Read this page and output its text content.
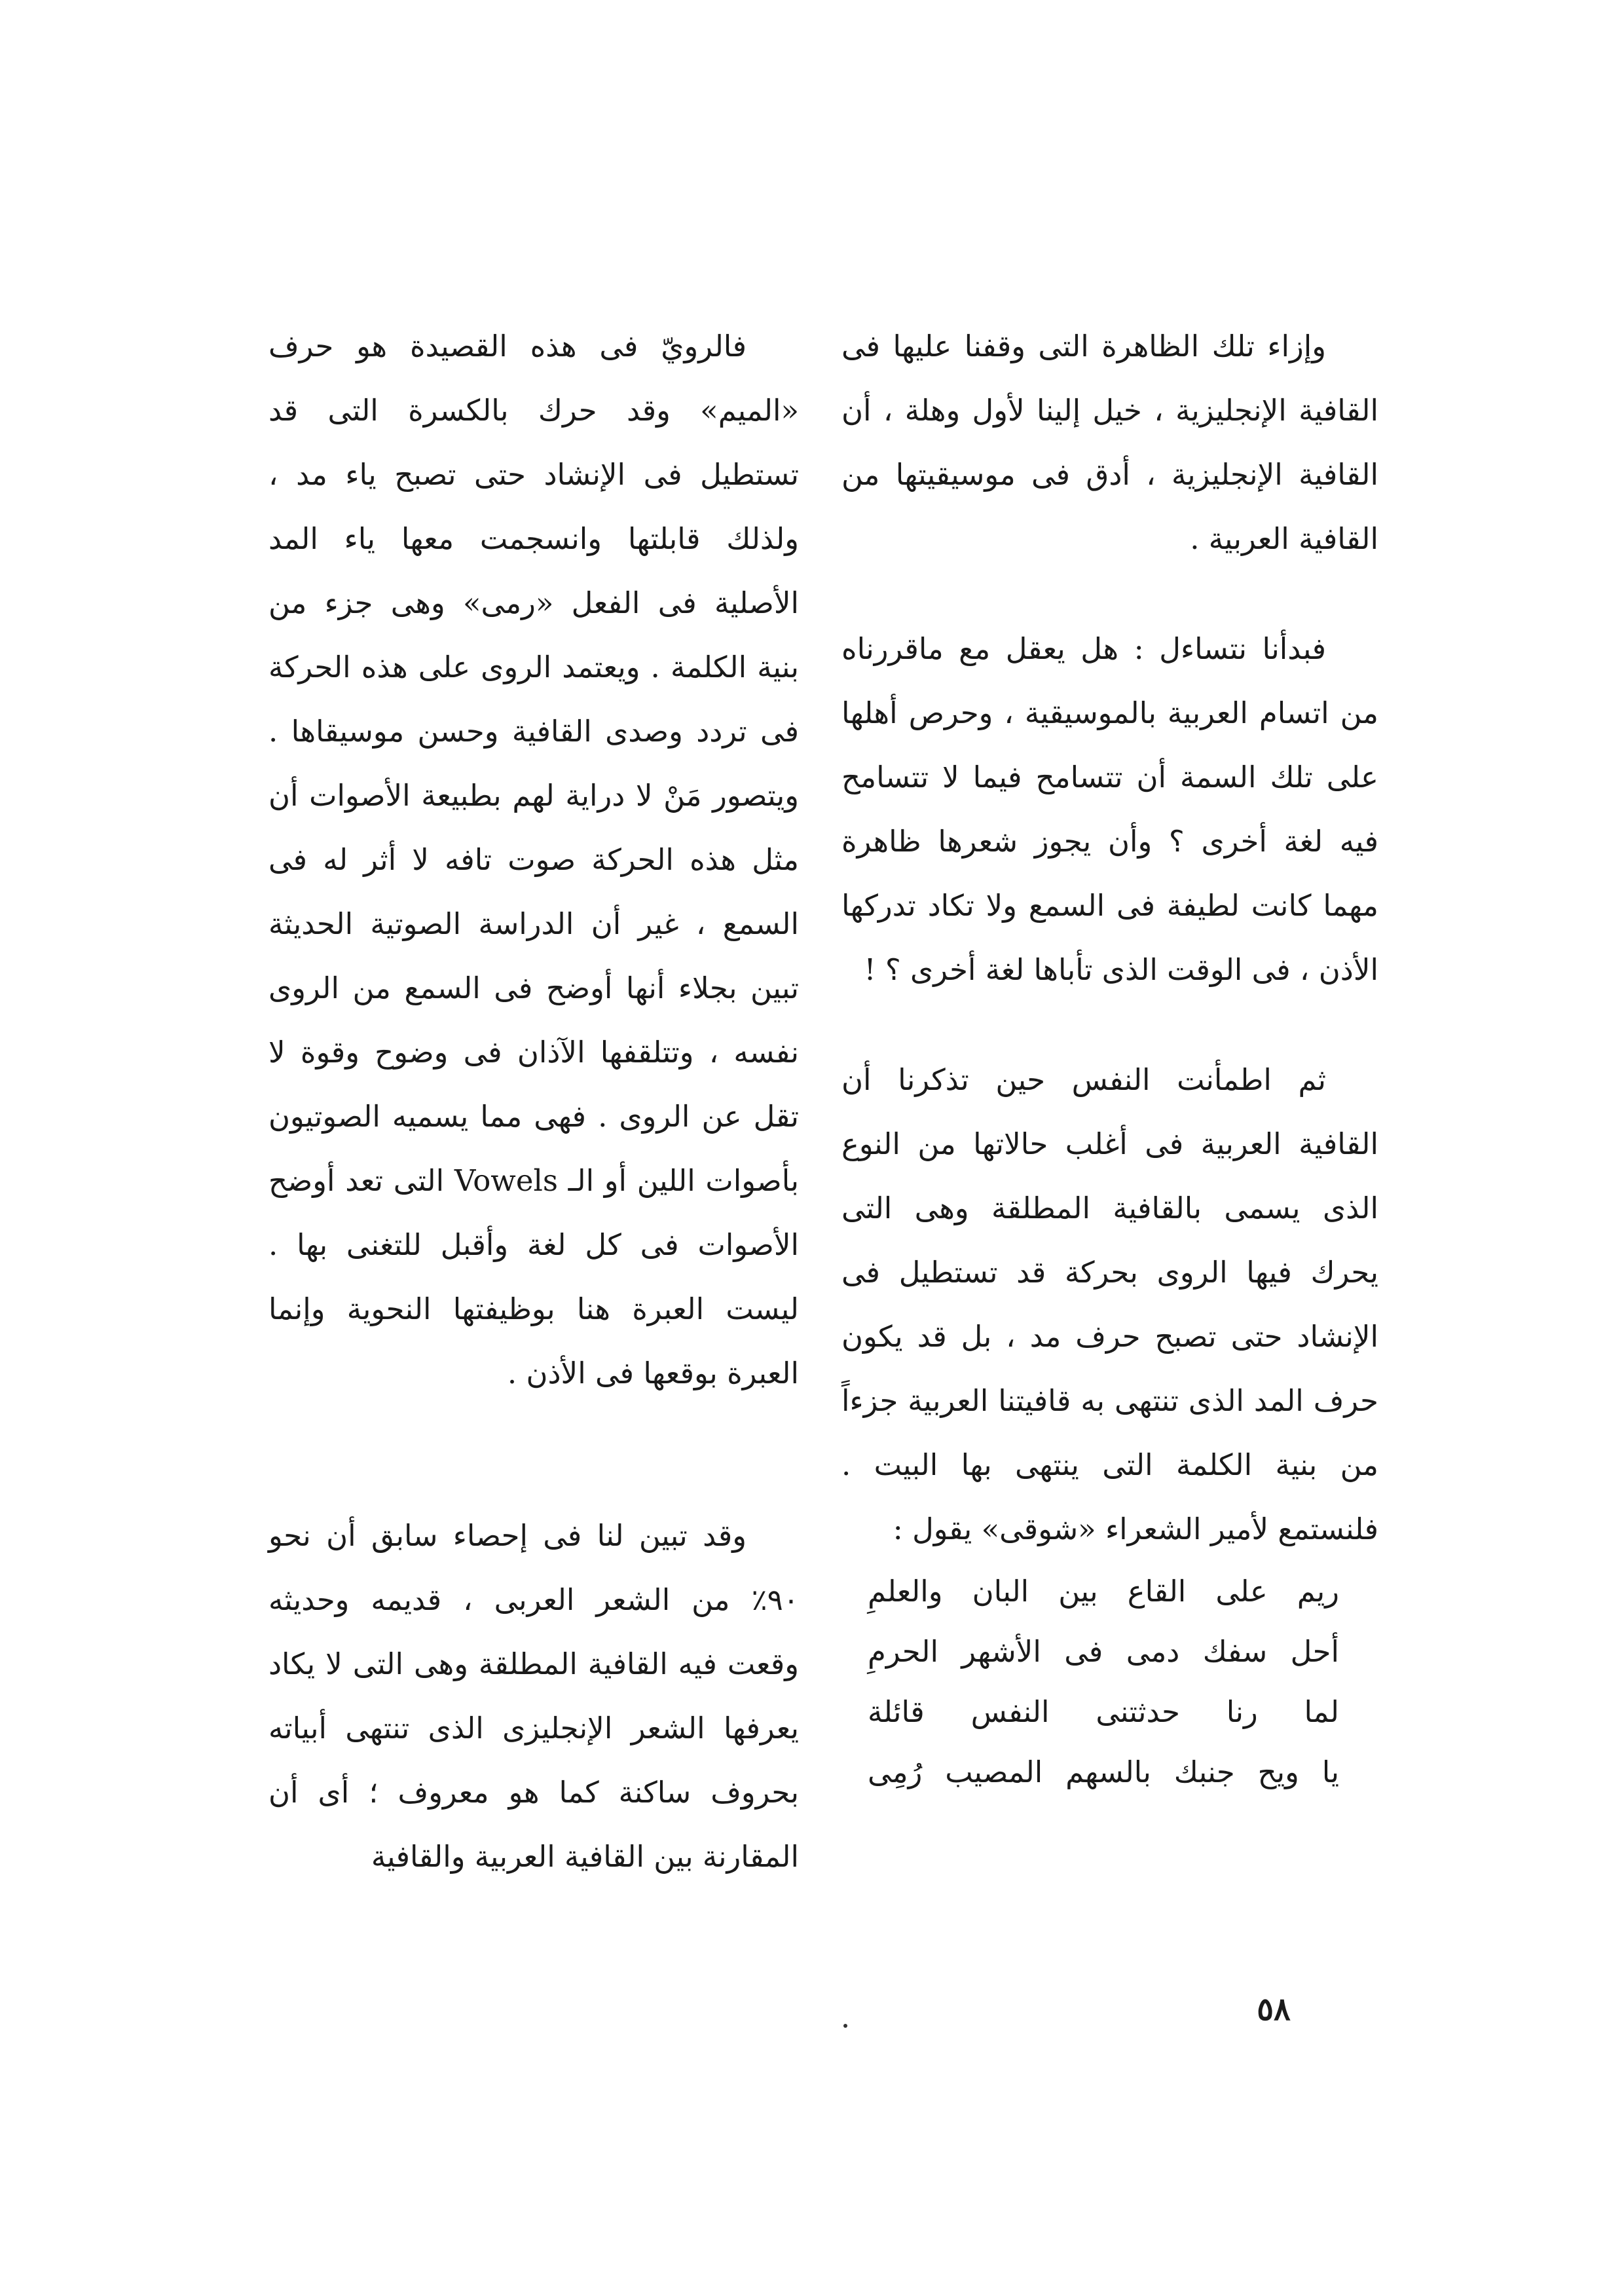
وإزاء تلك الظاهرة التى وقفنا عليها فى القافية الإنجليزية ، خيل إلينا لأول وهلة ، أن القافية الإنجليزية ، أدق فى موسيقيتها من القافية العربية .

فبدأنا نتساءل : هل يعقل مع ماقررناه من اتسام العربية بالموسيقية ، وحرص أهلها على تلك السمة أن تتسامح فيما لا تتسامح فيه لغة أخرى ؟ وأن يجوز شعرها ظاهرة مهما كانت لطيفة فى السمع ولا تكاد تدركها الأذن ، فى الوقت الذى تأباها لغة أخرى ؟ !

ثم اطمأنت النفس حين تذكرنا أن القافية العربية فى أغلب حالاتها من النوع الذى يسمى بالقافية المطلقة وهى التى يحرك فيها الروى بحركة قد تستطيل فى الإنشاد حتى تصبح حرف مد ، بل قد يكون حرف المد الذى تنتهى به قافيتنا العربية جزءاً من بنية الكلمة التى ينتهى بها البيت . فلنستمع لأمير الشعراء «شوقى» يقول :

ريم على القاع بين البان والعلمِ
أحل سفك دمى فى الأشهر الحرمِ
لما رنا حدثتنى النفس قائلة
يا ويح جنبك بالسهم المصيب رُمِى

فالرويّ فى هذه القصيدة هو حرف «الميم» وقد حرك بالكسرة التى قد تستطيل فى الإنشاد حتى تصبح ياء مد ، ولذلك قابلتها وانسجمت معها ياء المد الأصلية فى الفعل «رمى» وهى جزء من بنية الكلمة . ويعتمد الروى على هذه الحركة فى تردد وصدى القافية وحسن موسيقاها . ويتصور مَنْ لا دراية لهم بطبيعة الأصوات أن مثل هذه الحركة صوت تافه لا أثر له فى السمع ، غير أن الدراسة الصوتية الحديثة تبين بجلاء أنها أوضح فى السمع من الروى نفسه ، وتتلقفها الآذان فى وضوح وقوة لا تقل عن الروى . فهى مما يسميه الصوتيون بأصوات اللين أو الـ Vowels التى تعد أوضح الأصوات فى كل لغة وأقبل للتغنى بها . ليست العبرة هنا بوظيفتها النحوية وإنما العبرة بوقعها فى الأذن .

وقد تبين لنا فى إحصاء سابق أن نحو ٩٠٪ من الشعر العربى ، قديمه وحديثه وقعت فيه القافية المطلقة وهى التى لا يكاد يعرفها الشعر الإنجليزى الذى تنتهى أبياته بحروف ساكنة كما هو معروف ؛ أى أن المقارنة بين القافية العربية والقافية

٥٨
